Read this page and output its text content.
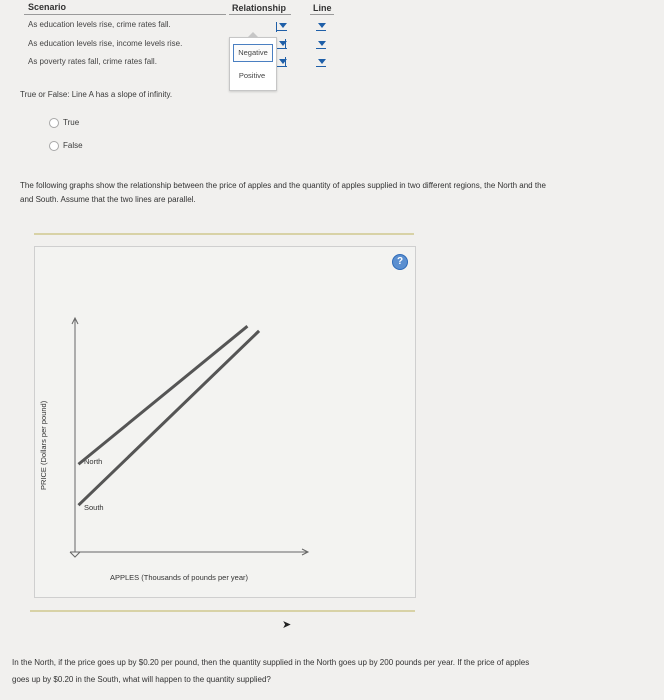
Scenario	Relationship	Line
As education levels rise, crime rates fall.
As education levels rise, income levels rise.
As poverty rates fall, crime rates fall.
Negative
Positive
True or False: Line A has a slope of infinity.
True
False
The following graphs show the relationship between the price of apples and the quantity of apples supplied in two different regions, the North and the
and South. Assume that the two lines are parallel.
?
PRICE (Dollars per pound)
APPLES (Thousands of pounds per year)
North
South
➤
In the North, if the price goes up by $0.20 per pound, then the quantity supplied in the North goes up by 200 pounds per year. If the price of apples
goes up by $0.20 in the South, what will happen to the quantity supplied?
